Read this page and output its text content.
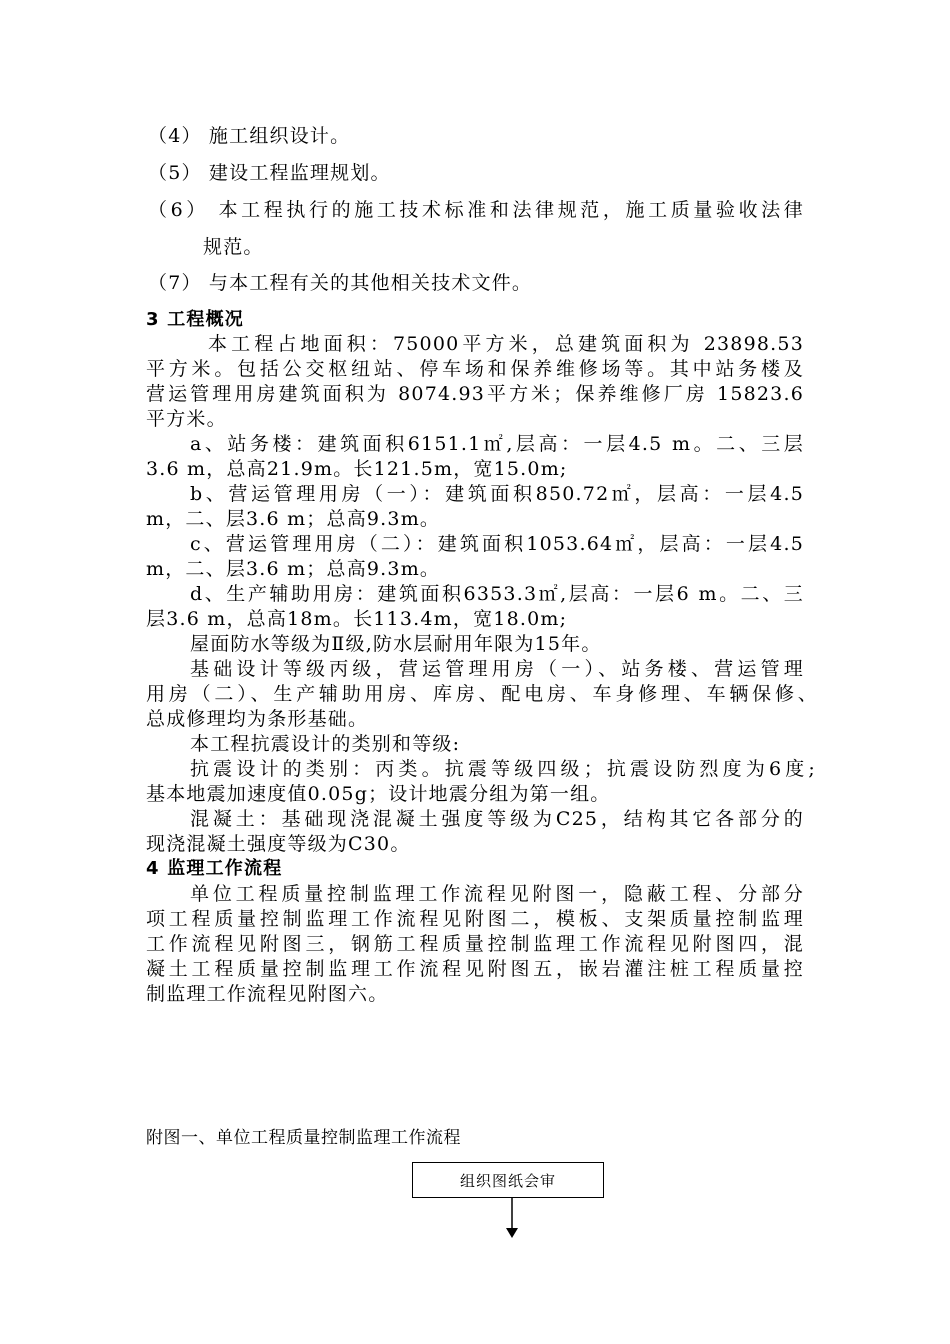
（4） 施工组织设计。
（5） 建设工程监理规划。
（6） 本工程执行的施工技术标准和法律规范，施工质量验收法律
规范。
（7） 与本工程有关的其他相关技术文件。
3 工程概况
本工程占地面积：75000平方米，总建筑面积为 23898.53
平方米。包括公交枢纽站、停车场和保养维修场等。其中站务楼及
营运管理用房建筑面积为 8074.93平方米；保养维修厂房 15823.6
平方米。
a、站务楼：建筑面积6151.1㎡,层高：一层4.5 m。二、三层
3.6 m，总高21.9m。长121.5m，宽15.0m;
b、营运管理用房（一）：建筑面积850.72㎡，层高：一层4.5
m，二、层3.6 m；总高9.3m。
c、营运管理用房（二）：建筑面积1053.64㎡，层高：一层4.5
m，二、层3.6 m；总高9.3m。
d、生产辅助用房：建筑面积6353.3㎡,层高：一层6 m。二、三
层3.6 m，总高18m。长113.4m，宽18.0m;
屋面防水等级为Ⅱ级,防水层耐用年限为15年。
基础设计等级丙级，营运管理用房（一）、站务楼、营运管理
用房（二）、生产辅助用房、库房、配电房、车身修理、车辆保修、
总成修理均为条形基础。
本工程抗震设计的类别和等级:
抗震设计的类别：丙类。抗震等级四级；抗震设防烈度为6度;
基本地震加速度值0.05g；设计地震分组为第一组。
混凝土：基础现浇混凝土强度等级为C25，结构其它各部分的
现浇混凝土强度等级为C30。
4 监理工作流程
单位工程质量控制监理工作流程见附图一，隐蔽工程、分部分
项工程质量控制监理工作流程见附图二，模板、支架质量控制监理
工作流程见附图三，钢筋工程质量控制监理工作流程见附图四，混
凝土工程质量控制监理工作流程见附图五，嵌岩灌注桩工程质量控
制监理工作流程见附图六。
附图一、单位工程质量控制监理工作流程
组织图纸会审
